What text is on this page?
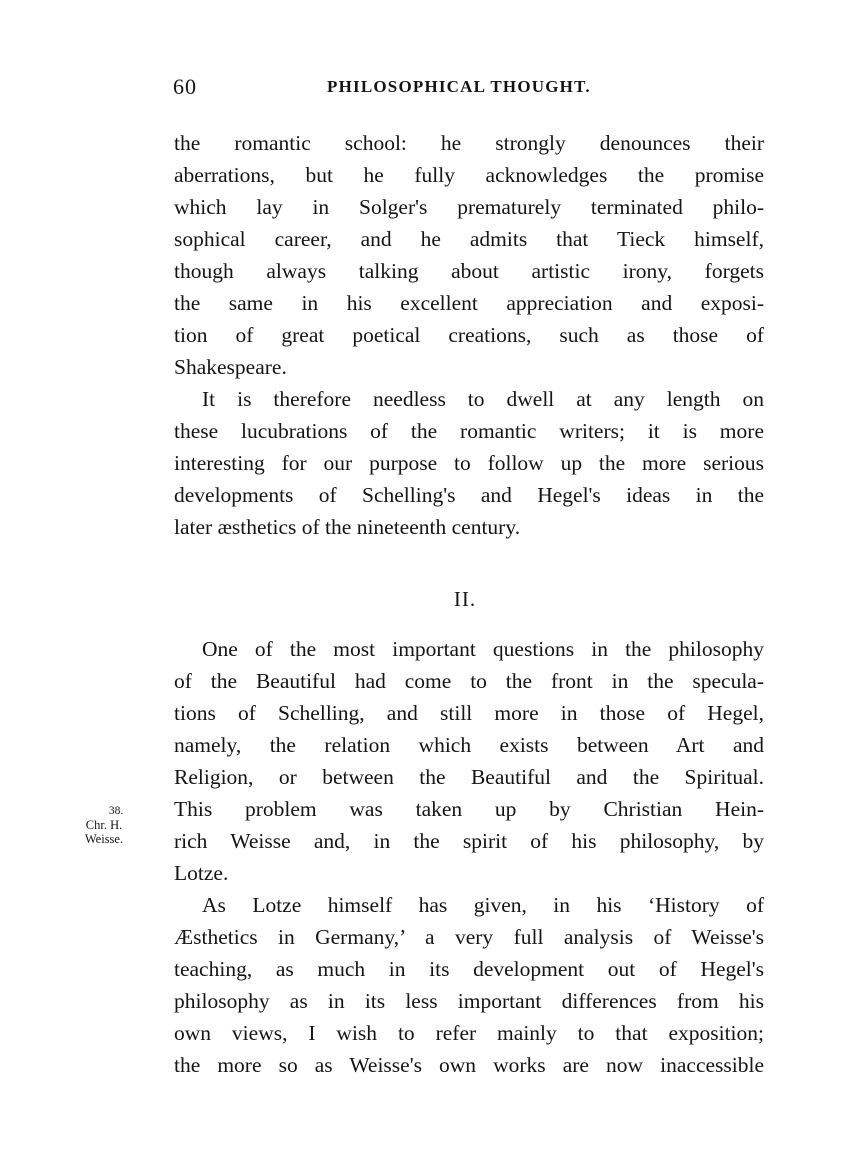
60	PHILOSOPHICAL THOUGHT.
the romantic school: he strongly denounces their
aberrations, but he fully acknowledges the promise
which lay in Solger's prematurely terminated philo-
sophical career, and he admits that Tieck himself,
though always talking about artistic irony, forgets
the same in his excellent appreciation and exposi-
tion of great poetical creations, such as those of
Shakespeare.
It is therefore needless to dwell at any length on
these lucubrations of the romantic writers; it is more
interesting for our purpose to follow up the more serious
developments of Schelling's and Hegel's ideas in the
later æsthetics of the nineteenth century.
One of the most important questions in the philosophy
of the Beautiful had come to the front in the specula-
tions of Schelling, and still more in those of Hegel,
namely, the relation which exists between Art and
Religion, or between the Beautiful and the Spiritual.
This problem was taken up by Christian Hein-
rich Weisse and, in the spirit of his philosophy, by
Lotze.
As Lotze himself has given, in his ‘History of
Æsthetics in Germany,’ a very full analysis of Weisse's
teaching, as much in its development out of Hegel's
philosophy as in its less important differences from his
own views, I wish to refer mainly to that exposition;
the more so as Weisse's own works are now inaccessible
II.
38.
Chr. H.
Weisse.
